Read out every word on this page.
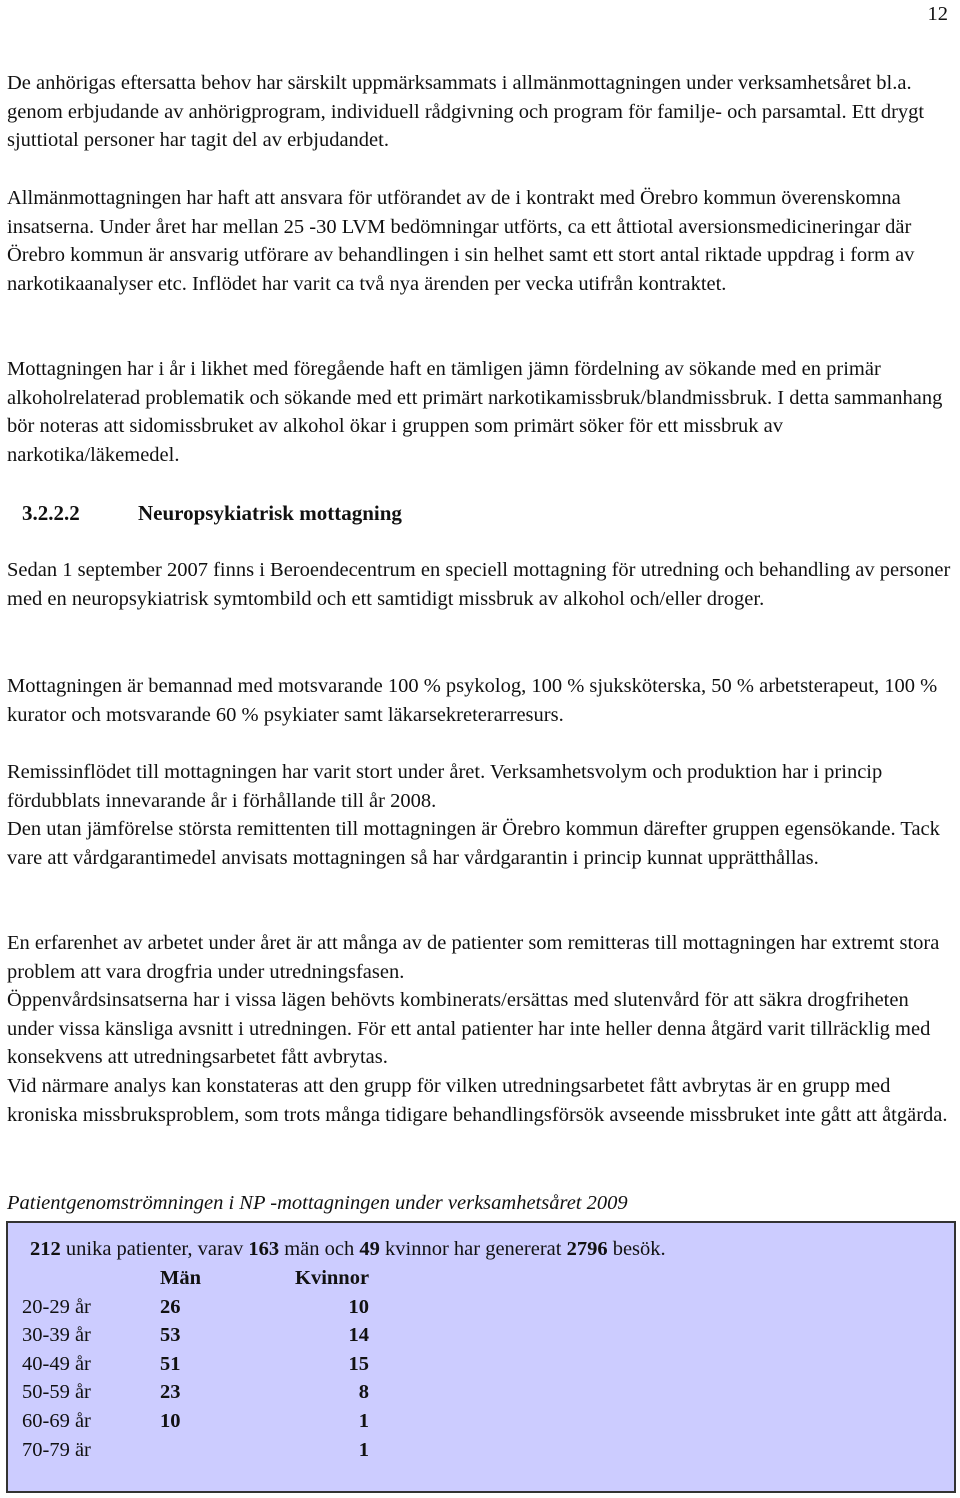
12

De anhörigas eftersatta behov har särskilt uppmärksammats i allmänmottagningen under verksamhetsåret bl.a. genom erbjudande av anhörigprogram, individuell rådgivning och program för familje- och parsamtal. Ett drygt sjuttiotal personer har tagit del av erbjudandet.

Allmänmottagningen har haft att ansvara för utförandet av de i kontrakt med Örebro kommun överenskomna insatserna. Under året har mellan 25 -30 LVM bedömningar utförts, ca ett åttiotal aversionsmedicineringar där Örebro kommun är ansvarig utförare av behandlingen i sin helhet samt ett stort antal riktade uppdrag i form av narkotikaanalyser etc. Inflödet har varit ca två nya ärenden per vecka utifrån kontraktet.

Mottagningen har i år i likhet med föregående haft en tämligen jämn fördelning av sökande med en primär alkoholrelaterad problematik och sökande med ett primärt narkotikamissbruk/blandmissbruk. I detta sammanhang bör noteras att sidomissbruket av alkohol ökar i gruppen som primärt söker för ett missbruk av narkotika/läkemedel.

3.2.2.2	Neuropsykiatrisk mottagning

Sedan 1 september 2007 finns i Beroendecentrum en speciell mottagning för utredning och behandling av personer med en neuropsykiatrisk symtombild och ett samtidigt missbruk av alkohol och/eller droger.

Mottagningen är bemannad med motsvarande 100 % psykolog, 100 % sjuksköterska, 50 % arbetsterapeut, 100 % kurator och motsvarande 60 % psykiater samt läkarsekreterarresurs.

Remissinflödet till mottagningen har varit stort under året. Verksamhetsvolym och produktion har i princip fördubblats innevarande år i förhållande till år 2008.

Den utan jämförelse största remittenten till mottagningen är Örebro kommun därefter gruppen egensökande. Tack vare att vårdgarantimedel anvisats mottagningen så har vårdgarantin i princip kunnat upprätthållas.

En erfarenhet av arbetet under året är att många av de patienter som remitteras till mottagningen har extremt stora problem att vara drogfria under utredningsfasen.

Öppenvårdsinsatserna har i vissa lägen behövts kombinerats/ersättas med slutenvård för att säkra drogfriheten under vissa känsliga avsnitt i utredningen. För ett antal patienter har inte heller denna åtgärd varit tillräcklig med konsekvens att utredningsarbetet fått avbrytas.

Vid närmare analys kan konstateras att den grupp för vilken utredningsarbetet fått avbrytas är en grupp med kroniska missbruksproblem, som trots många tidigare behandlingsförsök avseende missbruket inte gått att åtgärda.

Patientgenomströmningen i NP -mottagningen under verksamhetsåret 2009
212 unika patienter, varav 163 män och 49 kvinnor har genererat 2796 besök.
	Män	Kvinnor
20-29 år	26	10
30-39 år	53	14
40-49 år	51	15
50-59 år	23	8
60-69 år	10	1
70-79 är		1
